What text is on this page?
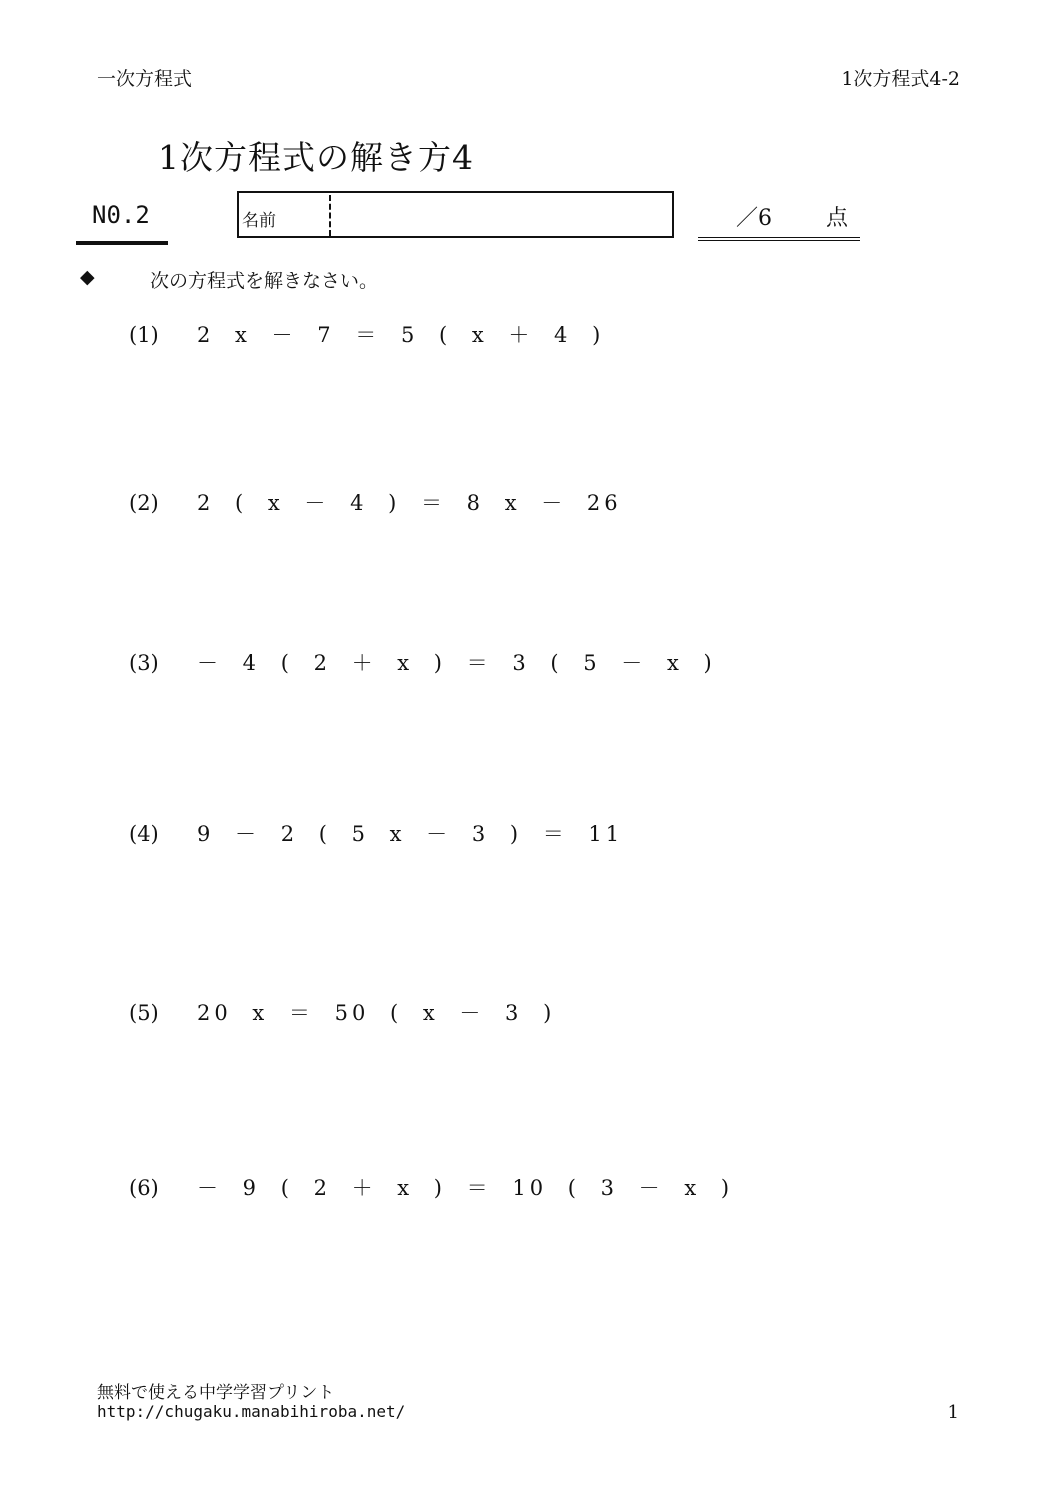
一次方程式	1次方程式4-2
1次方程式の解き方4
N0.2	名前	／6 点
◆	次の方程式を解きなさい。
(1) 2 x － 7 ＝ 5 ( x ＋ 4 )
(2) 2 ( x － 4 ) ＝ 8 x － 26
(3) － 4 ( 2 ＋ x ) ＝ 3 ( 5 － x )
(4) 9 － 2 ( 5 x － 3 ) ＝ 11
(5) 20 x ＝ 50 ( x － 3 )
(6) － 9 ( 2 ＋ x ) ＝ 10 ( 3 － x )
無料で使える中学学習プリント
http://chugaku.manabihiroba.net/	1
